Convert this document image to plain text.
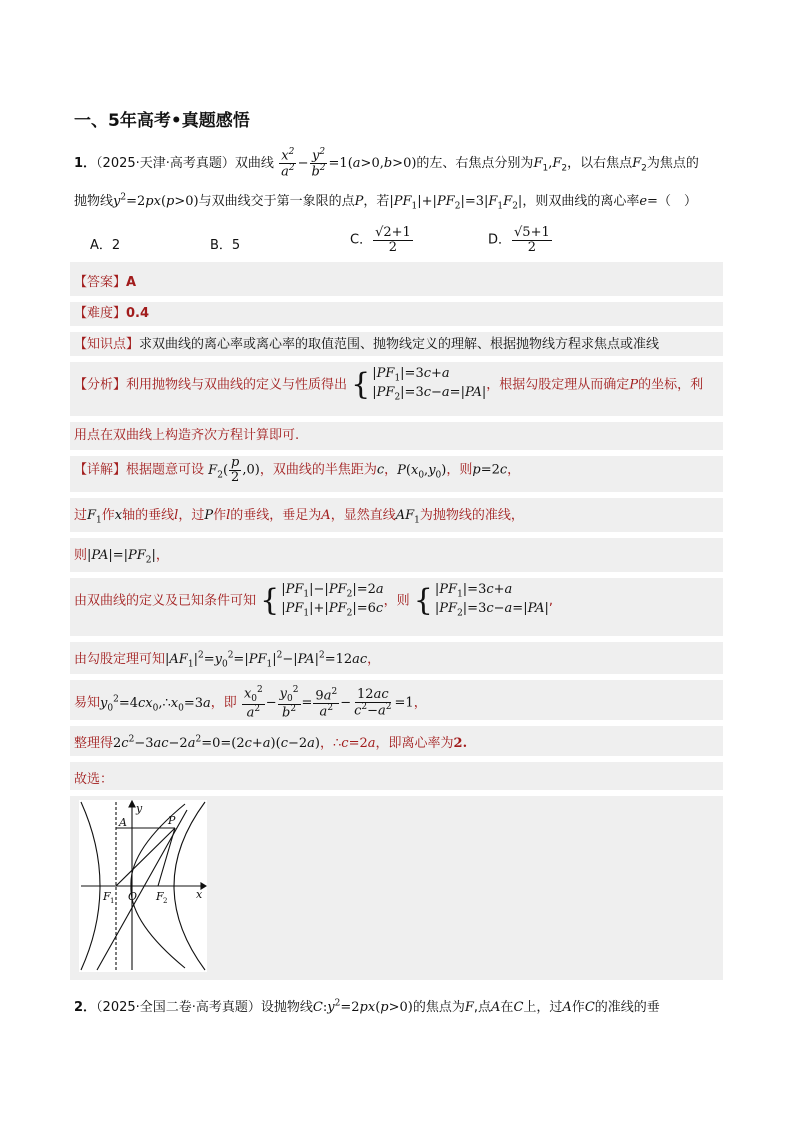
一、5年高考•真题感悟
1．（2025·天津·高考真题）双曲线 $\frac{x^2}{a^2} - \frac{y^2}{b^2} =1(a>0,b>0)$的左、右焦点分别为$F_1,F_2$，以右焦点$F_2$为焦点的
抛物线$y^2=2px(p>0)$与双曲线交于第一象限的点P，若$|PF_1|+|PF_2|=3|F_1F_2|$，则双曲线的离心率e=（　）
A．2	B．5	C． $\frac{√2+1}{2}$	D． $\frac{√5+1}{2}$
【答案】A
【难度】0.4
【知识点】求双曲线的离心率或离心率的取值范围、抛物线定义的理解、根据抛物线方程求焦点或准线
【分析】利用抛物线与双曲线的定义与性质得出 { $|PF_1|=3c+a$
$|PF_2|=3c-a=|PA|$ ，根据勾股定理从而确定P的坐标，利
用点在双曲线上构造齐次方程计算即可.
【详解】根据题意可设 $F_2( \frac{p}{2} ,0)$，双曲线的半焦距为c，$P(x_0,y_0)$，则p=2c，
过$F_1$作x轴的垂线l，过P作l的垂线，垂足为A，显然直线$AF_1$为抛物线的准线，
则$|PA|=|PF_2|$，
由双曲线的定义及已知条件可知 { $|PF_1|-|PF_2|=2a$
$|PF_1|+|PF_2|=6c$ ，则 { $|PF_1|=3c+a$
$|PF_2|=3c-a=|PA|$ ,
由勾股定理可知$|AF_1|^2=y_0^2=|PF_1|^2-|PA|^2=12ac$，
易知$y_0^2=4cx_0,\therefore x_0=3a$，即 $\frac{x_0^2}{a^2} - \frac{y_0^2}{b^2} = \frac{9a^2}{a^2} - \frac{12ac}{c^2-a^2} =1$，
整理得$2c^2-3ac-2a^2=0=(2c+a)(c-2a)$，∴c=2a，即离心率为2.
故选：
y
x
A	P
F 1 O F 2
2．（2025·全国二卷·高考真题）设抛物线$C:y^2=2px(p>0)$的焦点为F,点A在C上，过A作C的准线的垂
